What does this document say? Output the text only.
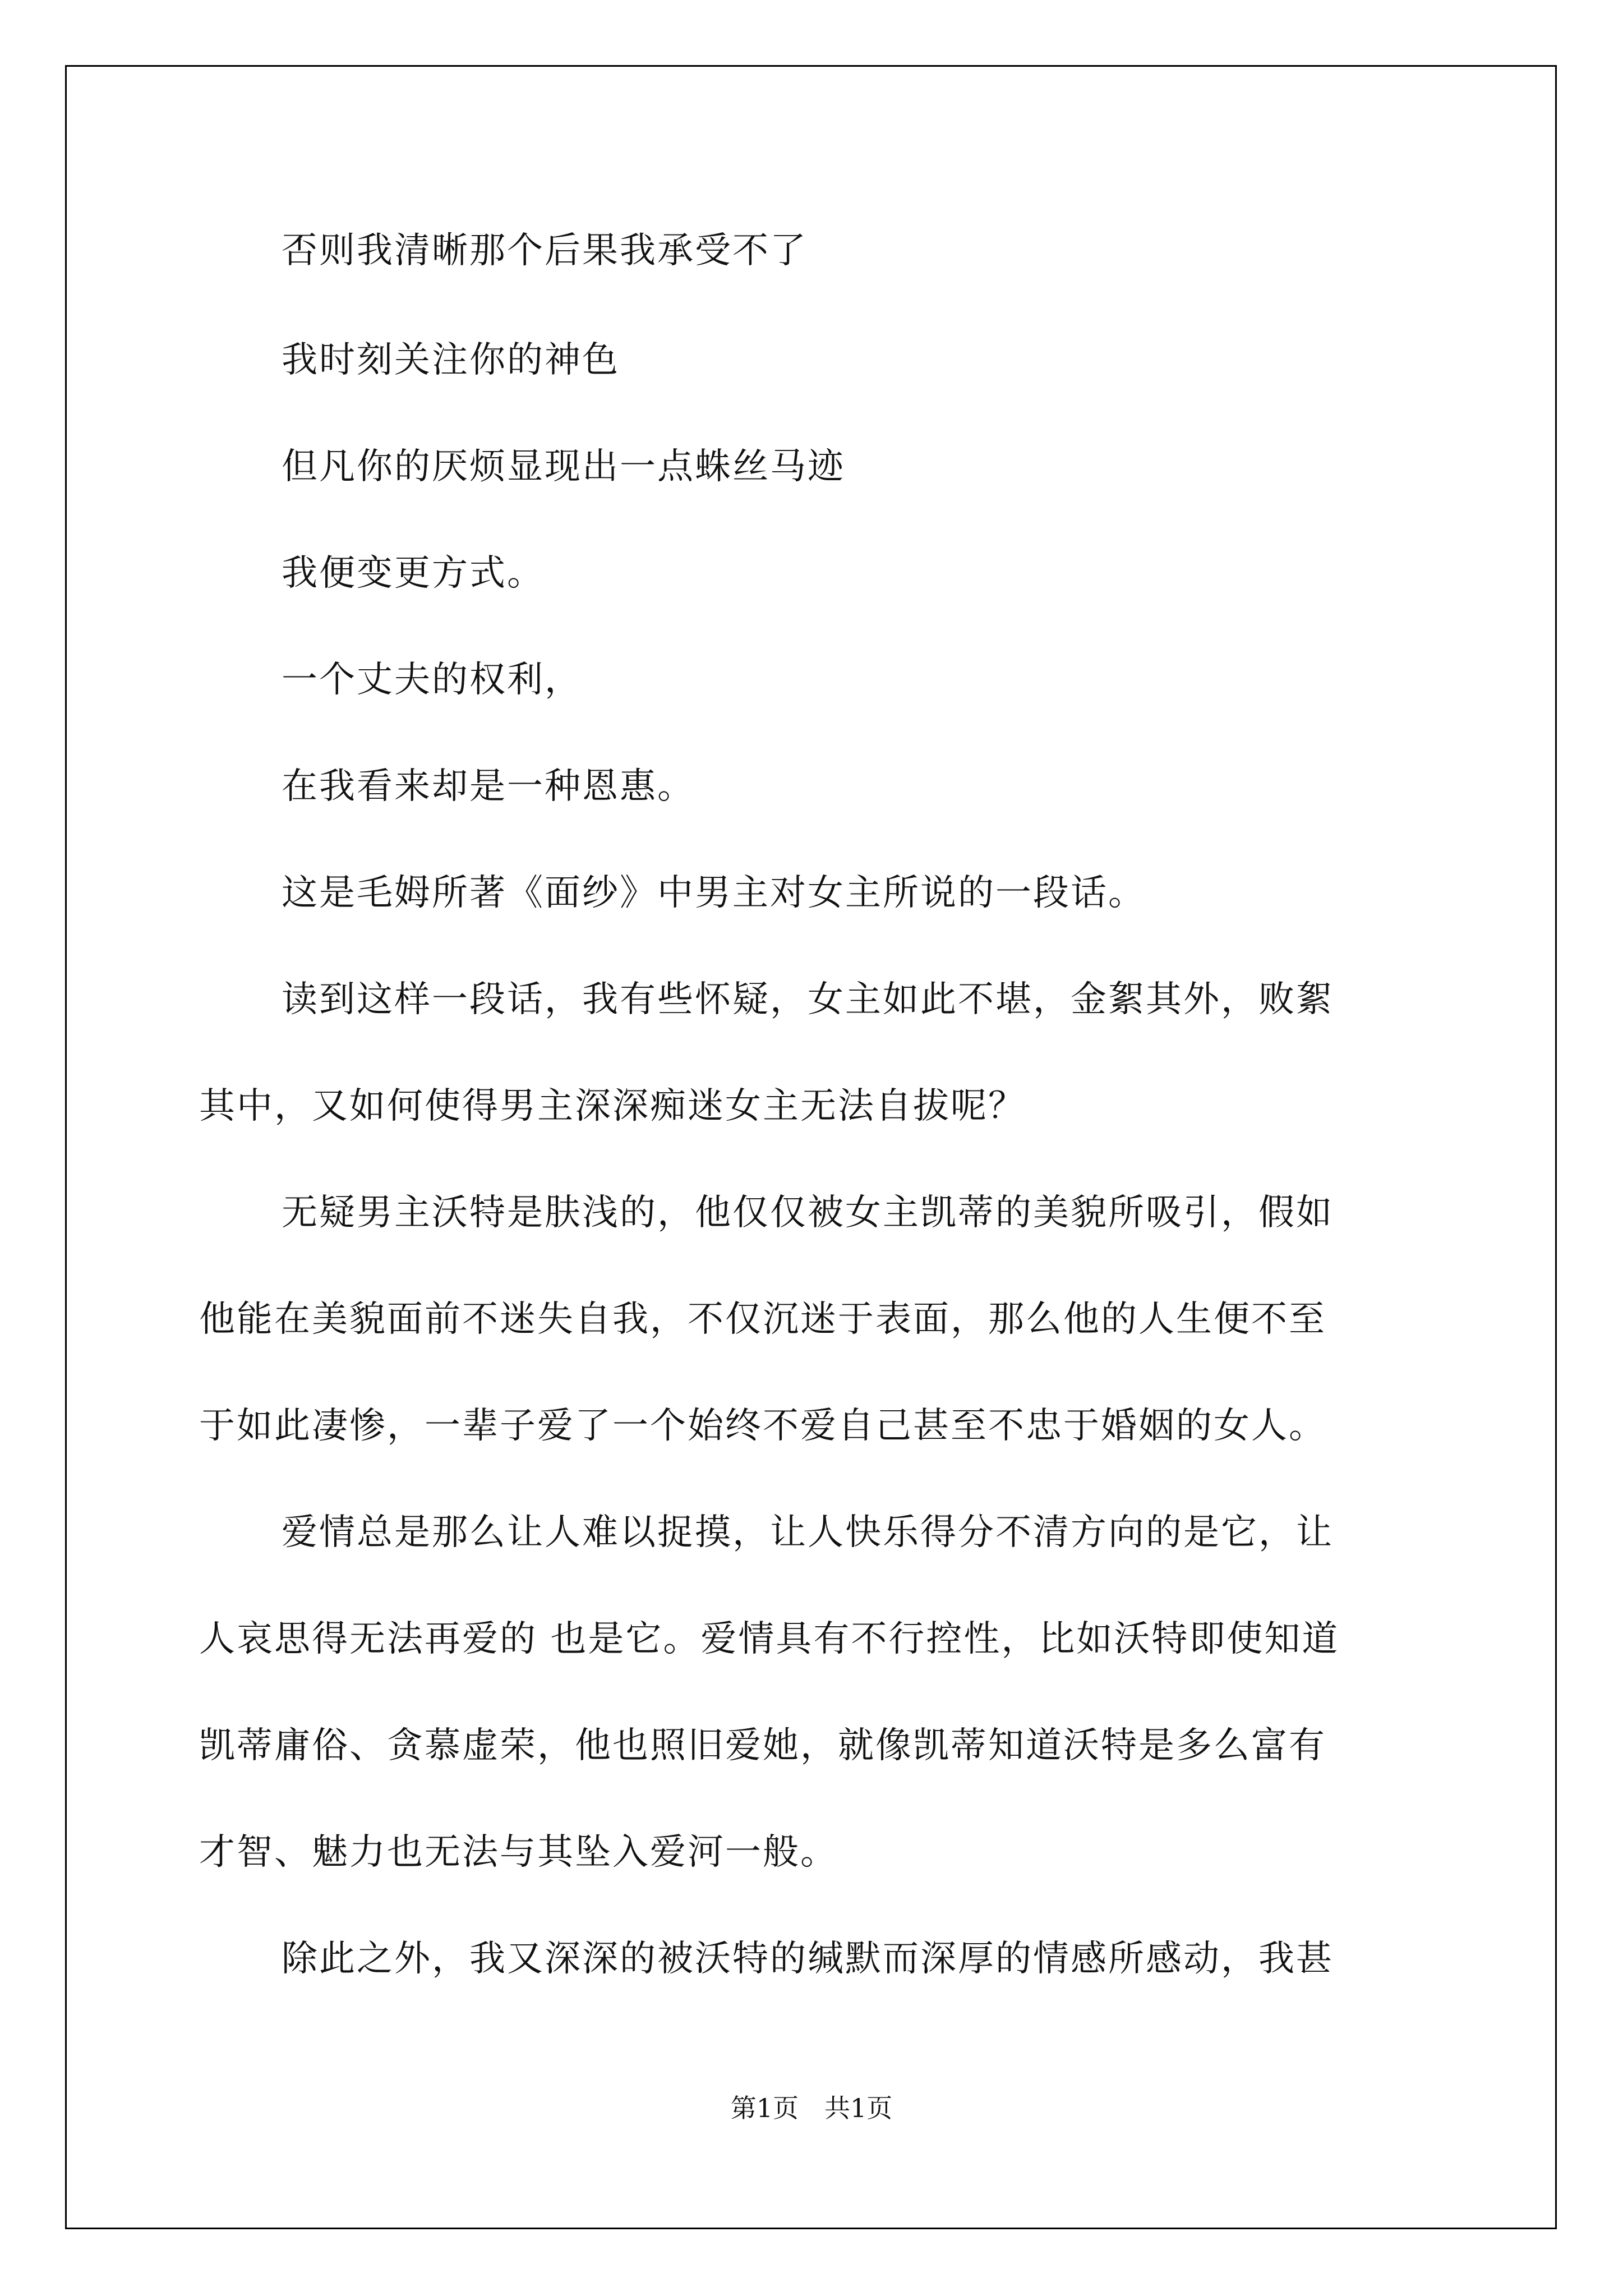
否则我清晰那个后果我承受不了
我时刻关注你的神色
但凡你的厌烦显现出一点蛛丝马迹
我便变更方式。
一个丈夫的权利，
在我看来却是一种恩惠。
这是毛姆所著《面纱》中男主对女主所说的一段话。
读到这样一段话，我有些怀疑，女主如此不堪，金絮其外，败絮
其中，又如何使得男主深深痴迷女主无法自拔呢？
无疑男主沃特是肤浅的，他仅仅被女主凯蒂的美貌所吸引，假如
他能在美貌面前不迷失自我，不仅沉迷于表面，那么他的人生便不至
于如此凄惨，一辈子爱了一个始终不爱自己甚至不忠于婚姻的女人。
爱情总是那么让人难以捉摸，让人快乐得分不清方向的是它，让
人哀思得无法再爱的 也是它。爱情具有不行控性，比如沃特即使知道
凯蒂庸俗、贪慕虚荣，他也照旧爱她，就像凯蒂知道沃特是多么富有
才智、魅力也无法与其坠入爱河一般。
除此之外，我又深深的被沃特的缄默而深厚的情感所感动，我甚
第1页　共1页
